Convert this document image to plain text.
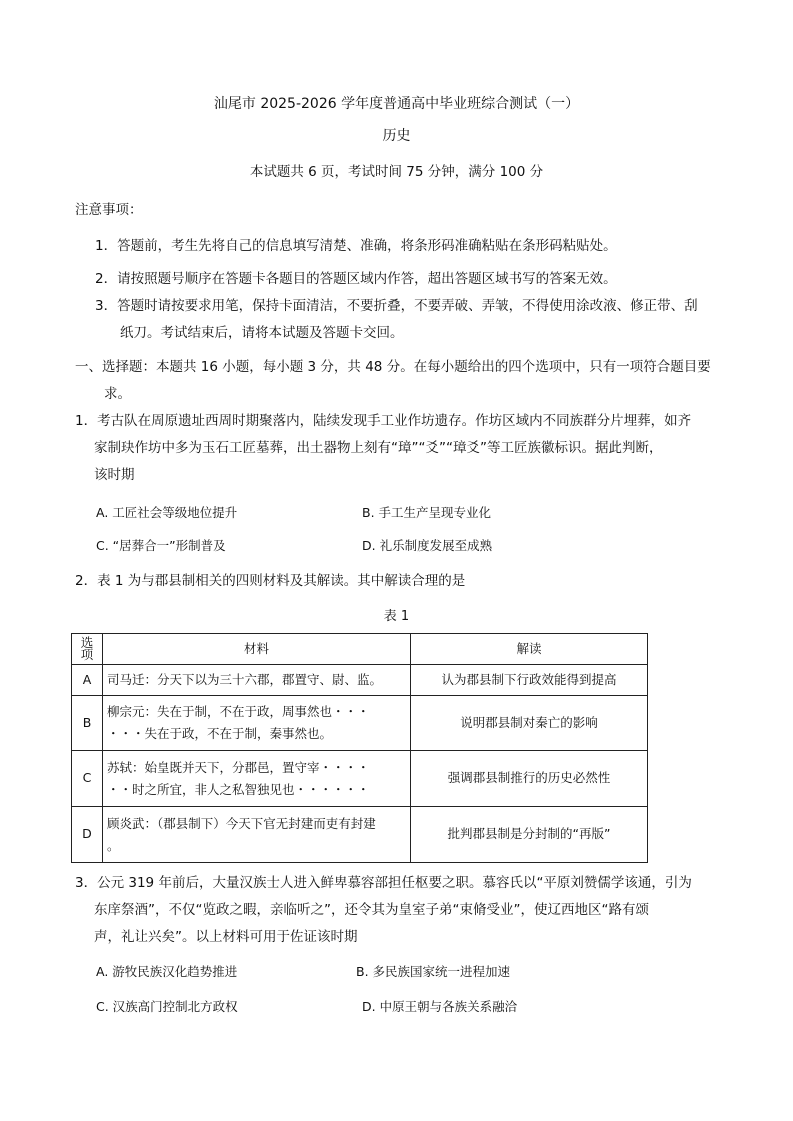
汕尾市 2025-2026 学年度普通高中毕业班综合测试（一）
历史
本试题共 6 页，考试时间 75 分钟，满分 100 分
注意事项：
1．答题前，考生先将自己的信息填写清楚、准确，将条形码准确粘贴在条形码粘贴处。
2．请按照题号顺序在答题卡各题目的答题区域内作答，超出答题区域书写的答案无效。
3．答题时请按要求用笔，保持卡面清洁，不要折叠，不要弄破、弄皱，不得使用涂改液、修正带、刮
纸刀。考试结束后，请将本试题及答题卡交回。
一、选择题：本题共 16 小题，每小题 3 分，共 48 分。在每小题给出的四个选项中，只有一项符合题目要
求。
1．考古队在周原遗址西周时期聚落内，陆续发现手工业作坊遗存。作坊区域内不同族群分片埋葬，如齐
家制玦作坊中多为玉石工匠墓葬，出土器物上刻有“璋”“爻”“璋爻”等工匠族徽标识。据此判断，
该时期
A. 工匠社会等级地位提升	B. 手工生产呈现专业化
C. “居葬合一”形制普及	D. 礼乐制度发展至成熟
2．表 1 为与郡县制相关的四则材料及其解读。其中解读合理的是
表 1
选项	材料	解读
A	司马迁：分天下以为三十六郡，郡置守、尉、监。	认为郡县制下行政效能得到提高
B	柳宗元：失在于制，不在于政，周事然也・・・
・・・失在于政，不在于制，秦事然也。	说明郡县制对秦亡的影响
C	苏轼：始皇既并天下，分郡邑，置守宰・・・・
・・时之所宜，非人之私智独见也・・・・・・	强调郡县制推行的历史必然性
D	顾炎武：（郡县制下）今天下官无封建而吏有封建
。	批判郡县制是分封制的“再版”
3．公元 319 年前后，大量汉族士人进入鲜卑慕容部担任枢要之职。慕容氏以“平原刘赞儒学该通，引为
东庠祭酒”，不仅“览政之暇，亲临听之”，还令其为皇室子弟“束脩受业”，使辽西地区“路有颂
声，礼让兴矣”。以上材料可用于佐证该时期
A. 游牧民族汉化趋势推进	B. 多民族国家统一进程加速
C. 汉族高门控制北方政权	D. 中原王朝与各族关系融洽
